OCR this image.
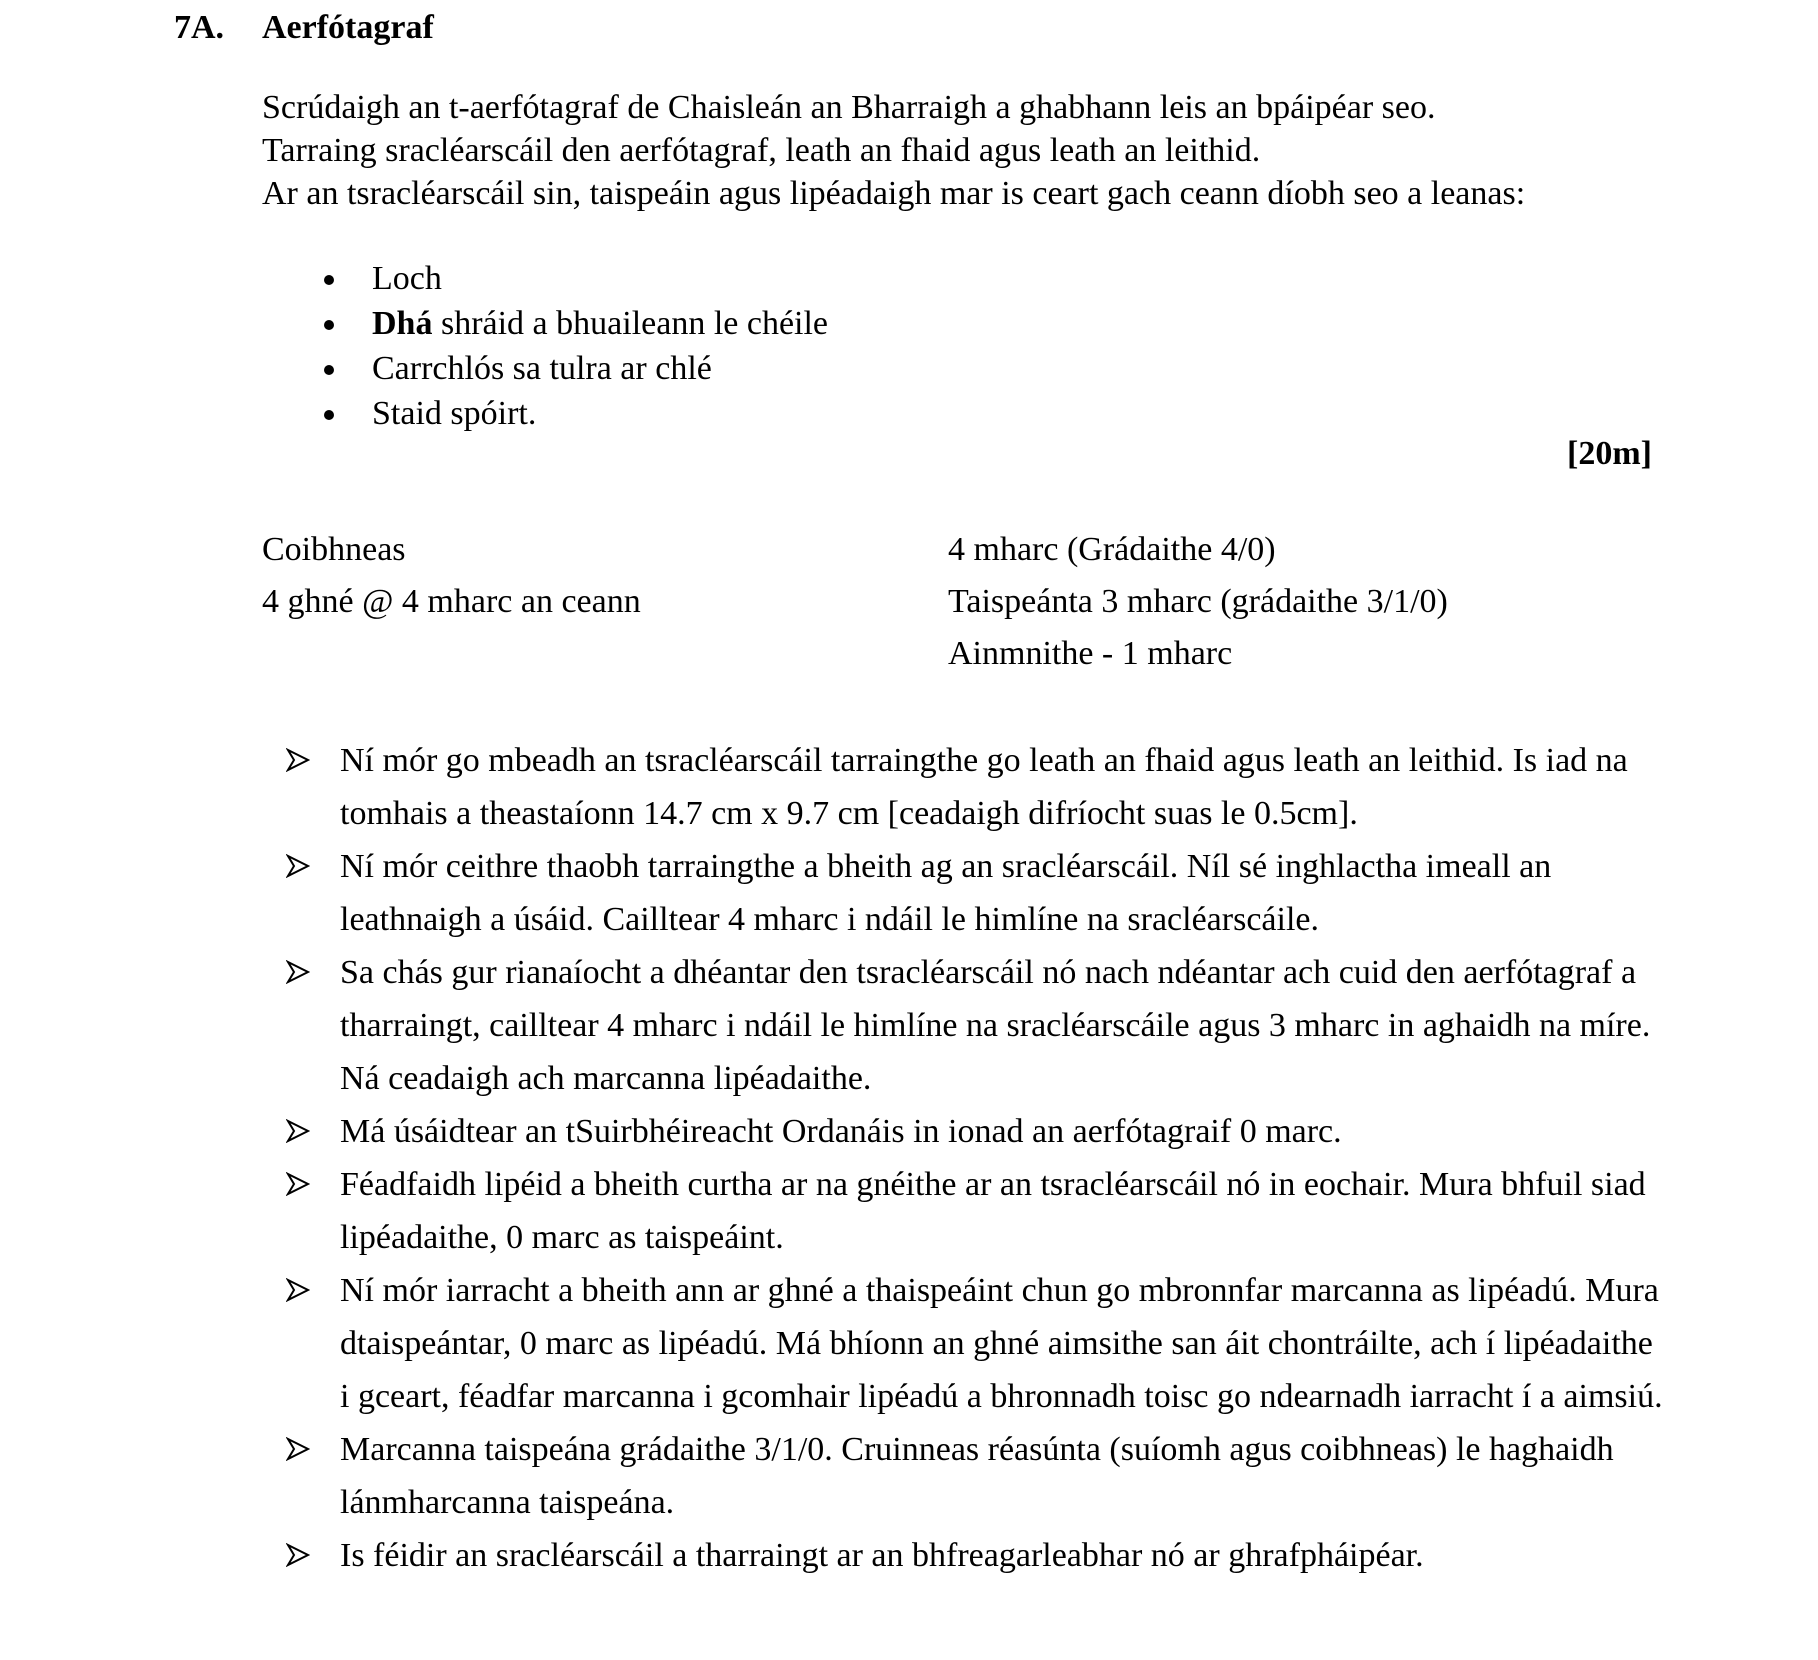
7A. Aerfótagraf

Scrúdaigh an t-aerfótagraf de Chaisleán an Bharraigh a ghabhann leis an bpáipéar seo.

Tarraing sracléarscáil den aerfótagraf, leath an fhaid agus leath an leithid.

Ar an tsracléarscáil sin, taispeáin agus lipéadaigh mar is ceart gach ceann díobh seo a leanas:

Loch
Dhá shráid a bhuaileann le chéile
Carrchlós sa tulra ar chlé
Staid spóirt.
[20m]
Coibhneas	4 mharc (Grádaithe 4/0)
4 ghné @ 4 mharc an ceann	Taispeánta 3 mharc (grádaithe 3/1/0)
Ainmnithe - 1 mharc
Ní mór go mbeadh an tsracléarscáil tarraingthe go leath an fhaid agus leath an leithid. Is iad na tomhais a theastaíonn 14.7 cm x 9.7 cm [ceadaigh difríocht suas le 0.5cm].
Ní mór ceithre thaobh tarraingthe a bheith ag an sracléarscáil. Níl sé inghlactha imeall an leathnaigh a úsáid. Cailltear 4 mharc i ndáil le himlíne na sracléarscáile.
Sa chás gur rianaíocht a dhéantar den tsracléarscáil nó nach ndéantar ach cuid den aerfótagraf a tharraingt, cailltear 4 mharc i ndáil le himlíne na sracléarscáile agus 3 mharc in aghaidh na míre. Ná ceadaigh ach marcanna lipéadaithe.
Má úsáidtear an tSuirbhéireacht Ordanáis in ionad an aerfótagraif 0 marc.
Féadfaidh lipéid a bheith curtha ar na gnéithe ar an tsracléarscáil nó in eochair. Mura bhfuil siad lipéadaithe, 0 marc as taispeáint.
Ní mór iarracht a bheith ann ar ghné a thaispeáint chun go mbronnfar marcanna as lipéadú. Mura dtaispeántar, 0 marc as lipéadú. Má bhíonn an ghné aimsithe san áit chontráilte, ach í lipéadaithe i gceart, féadfar marcanna i gcomhair lipéadú a bhronnadh toisc go ndearnadh iarracht í a aimsiú.
Marcanna taispeána grádaithe 3/1/0. Cruinneas réasúnta (suíomh agus coibhneas) le haghaidh lánmharcanna taispeána.
Is féidir an sracléarscáil a tharraingt ar an bhfreagarleabhar nó ar ghrafpháipéar.
